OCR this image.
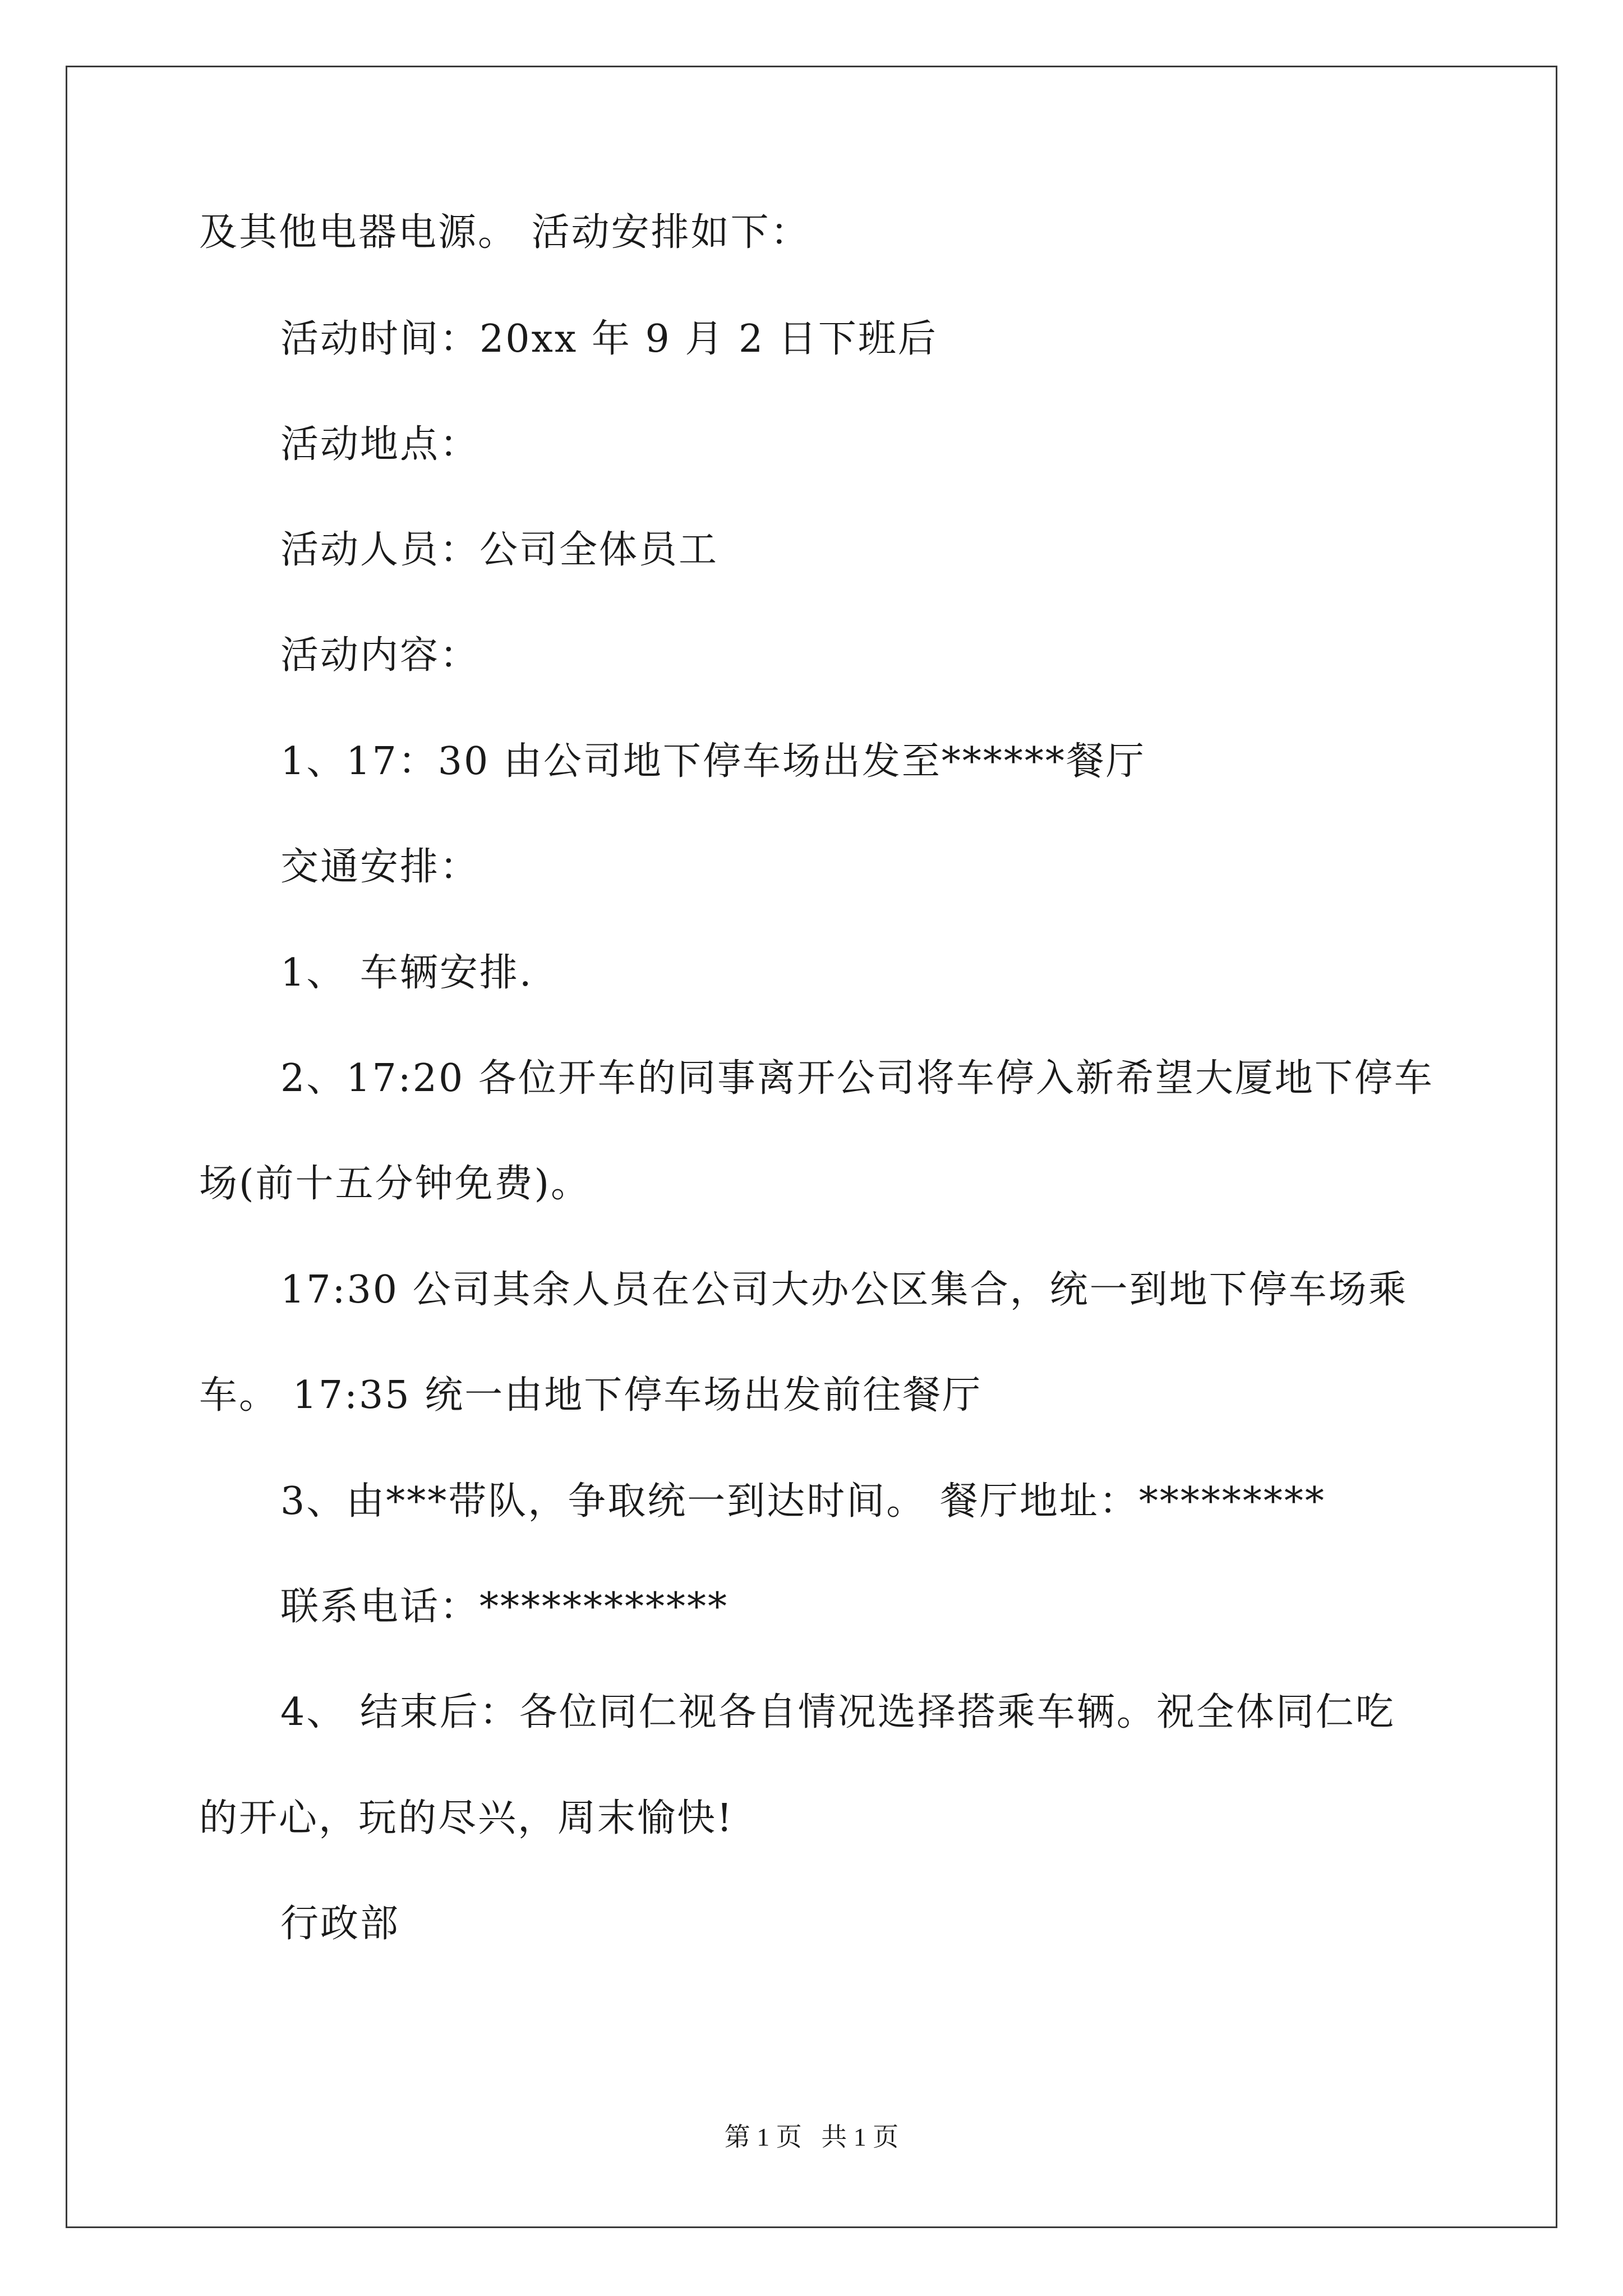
及其他电器电源。 活动安排如下：
活动时间：20xx 年 9 月 2 日下班后
活动地点：
活动人员：公司全体员工
活动内容：
1、17：30 由公司地下停车场出发至******餐厅
交通安排：
1、 车辆安排.
2、17:20 各位开车的同事离开公司将车停入新希望大厦地下停车
场(前十五分钟免费)。
17:30 公司其余人员在公司大办公区集合，统一到地下停车场乘
车。 17:35 统一由地下停车场出发前往餐厅
3、由***带队，争取统一到达时间。 餐厅地址：*********
联系电话：************
4、 结束后：各位同仁视各自情况选择搭乘车辆。祝全体同仁吃
的开心，玩的尽兴，周末愉快!
行政部
第 1 页   共 1 页
